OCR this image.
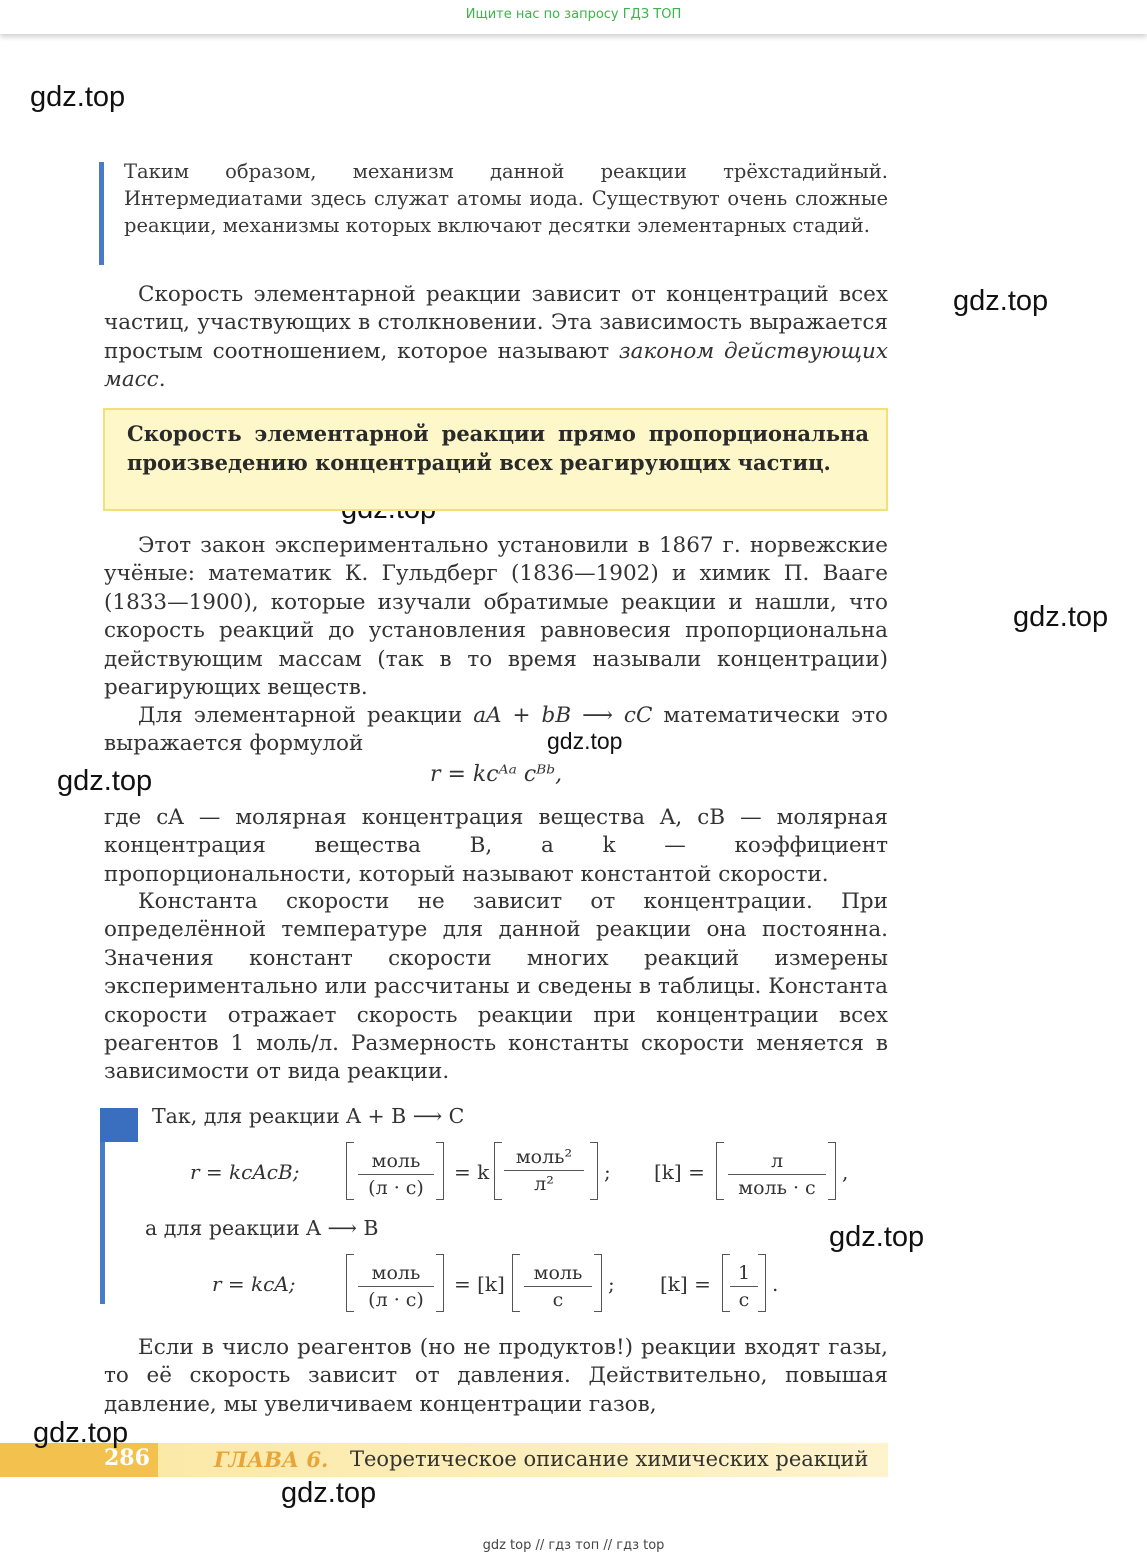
Ищите нас по запросу ГДЗ ТОП
gdz.top
gdz.top
gdz.top
gdz.top
gdz.top
gdz.top
gdz.top
gdz.top
Таким образом, механизм данной реакции трёхстадийный. Интермедиатами здесь служат атомы иода. Существуют очень сложные реакции, механизмы которых включают десятки элементарных стадий.
Скорость элементарной реакции зависит от концентраций всех частиц, участвующих в столкновении. Эта зависимость выражается простым соотношением, которое называют законом действующих масс.
Скорость элементарной реакции прямо пропорциональна произведению концентраций всех реагирующих частиц.
Этот закон экспериментально установили в 1867 г. норвежские учёные: математик К. Гульдберг (1836—1902) и химик П. Вааге (1833—1900), которые изучали обратимые реакции и нашли, что скорость реакций до установления равновесия пропорциональна действующим массам (так в то время называли концентрации) реагирующих веществ.
Для элементарной реакции aA + bB ⟶ cC математически это выражается формулой
r = kcᴬᵃ cᴮᵇ,
где cA — молярная концентрация вещества A, cB — молярная концентрация вещества B, а k — коэффициент пропорциональности, который называют константой скорости.
Константа скорости не зависит от концентрации. При определённой температуре для данной реакции она постоянна. Значения констант скорости многих реакций измерены экспериментально или рассчитаны и сведены в таблицы. Константа скорости отражает скорость реакции при концентрации всех реагентов 1 моль/л. Размерность константы скорости меняется в зависимости от вида реакции.
Так, для реакции A + B ⟶ C
r = kcAcB;	моль
(л · с)
= k
моль²
л²	; [k] =	л
моль · с
,
а для реакции A ⟶ B
r = kcA;	моль
(л · с)
= [k]	моль
с
; [k] =	1
с
.
Если в число реагентов (но не продуктов!) реакции входят газы, то её скорость зависит от давления. Действительно, повышая давление, мы увеличиваем концентрации газов,
286	ГЛАВА 6. Теоретическое описание химических реакций
gdz top // гдз топ // гдз top
